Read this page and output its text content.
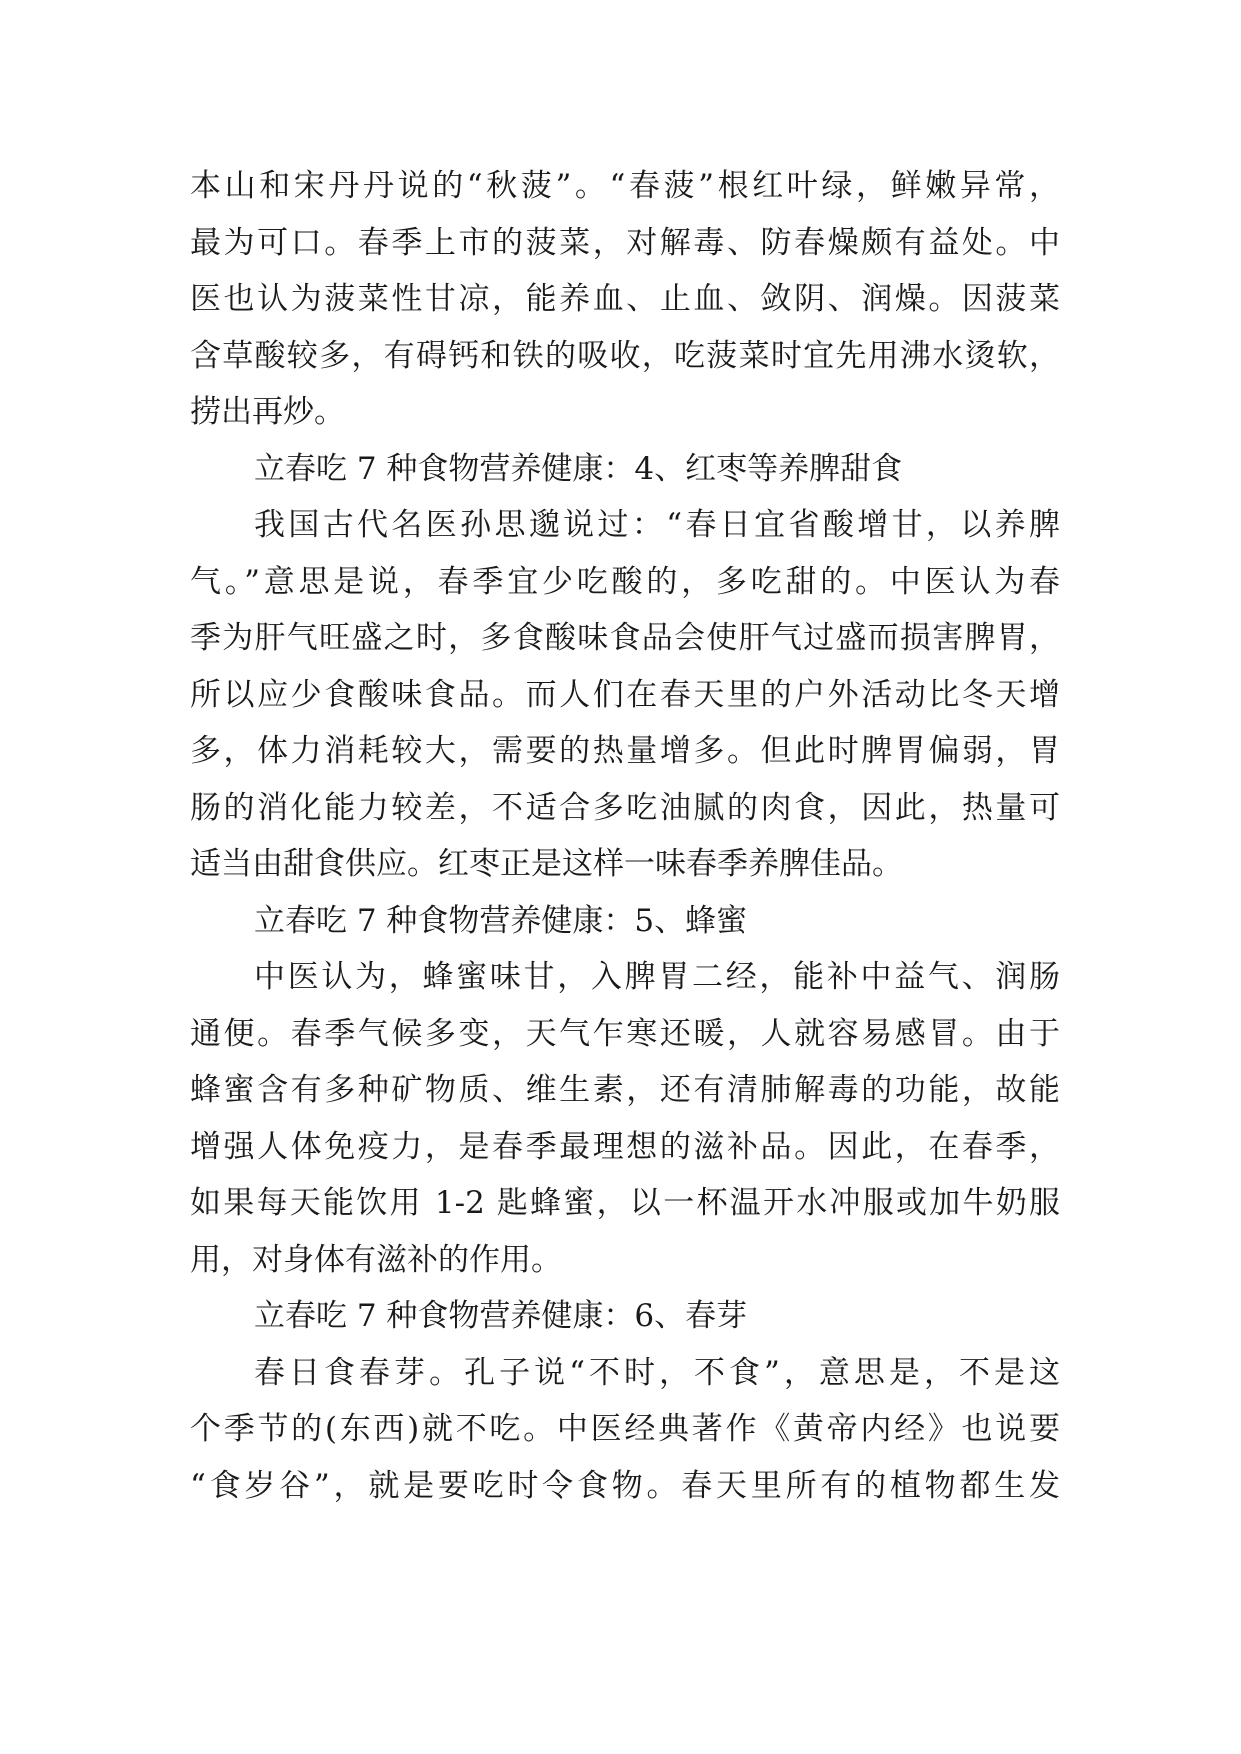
本山和宋丹丹说的“秋菠”。“春菠”根红叶绿，鲜嫩异常，
最为可口。春季上市的菠菜，对解毒、防春燥颇有益处。中
医也认为菠菜性甘凉，能养血、止血、敛阴、润燥。因菠菜
含草酸较多，有碍钙和铁的吸收，吃菠菜时宜先用沸水烫软，
捞出再炒。
立春吃 7 种食物营养健康：4、红枣等养脾甜食
我国古代名医孙思邈说过：“春日宜省酸增甘，以养脾
气。”意思是说，春季宜少吃酸的，多吃甜的。中医认为春
季为肝气旺盛之时，多食酸味食品会使肝气过盛而损害脾胃，
所以应少食酸味食品。而人们在春天里的户外活动比冬天增
多，体力消耗较大，需要的热量增多。但此时脾胃偏弱，胃
肠的消化能力较差，不适合多吃油腻的肉食，因此，热量可
适当由甜食供应。红枣正是这样一味春季养脾佳品。
立春吃 7 种食物营养健康：5、蜂蜜
中医认为，蜂蜜味甘，入脾胃二经，能补中益气、润肠
通便。春季气候多变，天气乍寒还暖，人就容易感冒。由于
蜂蜜含有多种矿物质、维生素，还有清肺解毒的功能，故能
增强人体免疫力，是春季最理想的滋补品。因此，在春季，
如果每天能饮用 1-2 匙蜂蜜，以一杯温开水冲服或加牛奶服
用，对身体有滋补的作用。
立春吃 7 种食物营养健康：6、春芽
春日食春芽。孔子说“不时，不食”，意思是，不是这
个季节的(东西)就不吃。中医经典著作《黄帝内经》也说要
“食岁谷”，就是要吃时令食物。春天里所有的植物都生发
